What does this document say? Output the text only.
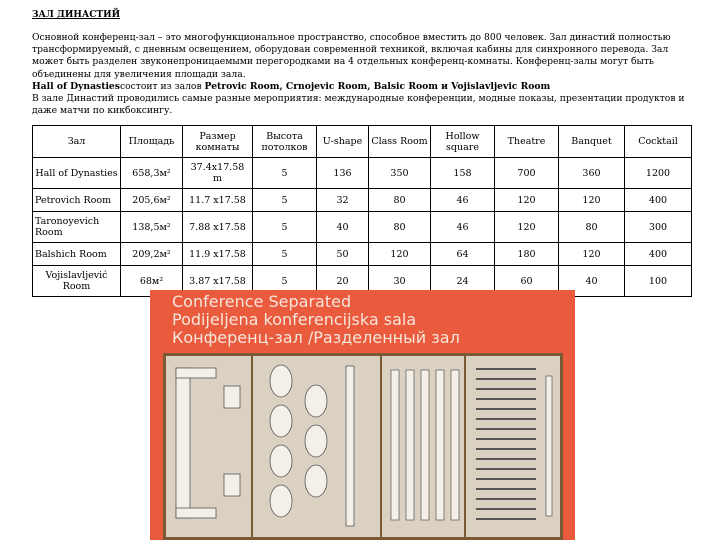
ЗАЛ ДИНАСТИЙ

Основной конференц-зал – это многофункциональное пространство, способное вместить до 800 человек. Зал династий полностью трансформируемый, с дневным освещением, оборудован современной техникой, включая кабины для синхронного перевода. Зал может быть разделен звуконепроницаемыми перегородками на 4 отдельных конференц-комнаты. Конференц-залы могут быть объединены для увеличения площади зала.

Hall of Dynastiesсостоит из залов Petrovic Room, Crnojevic Room, Balsic Room и Vojislavljevic Room

В зале Династий проводились самые разные мероприятия: международные конференции, модные показы, презентации продуктов и даже матчи по кикбоксингу.

Зал	Площадь	Размер комнаты	Высота потолков	U-shape	Class Room	Hollow square	Theatre	Banquet	Cocktail
Hall of Dynasties	658,3м²	37.4x17.58 m	5	136	350	158	700	360	1200
Petrovich Room	205,6м²	11.7 x17.58	5	32	80	46	120	120	400
Taronoyevich Room	138,5м²	7.88 x17.58	5	40	80	46	120	80	300
Balshich Room	209,2м²	11.9 x17.58	5	50	120	64	180	120	400
Vojislavljević Room	68м²	3.87 x17.58	5	20	30	24	60	40	100
Conference Separated
Podijeljena konferencijska sala
Конференц-зал /Разделенный зал
